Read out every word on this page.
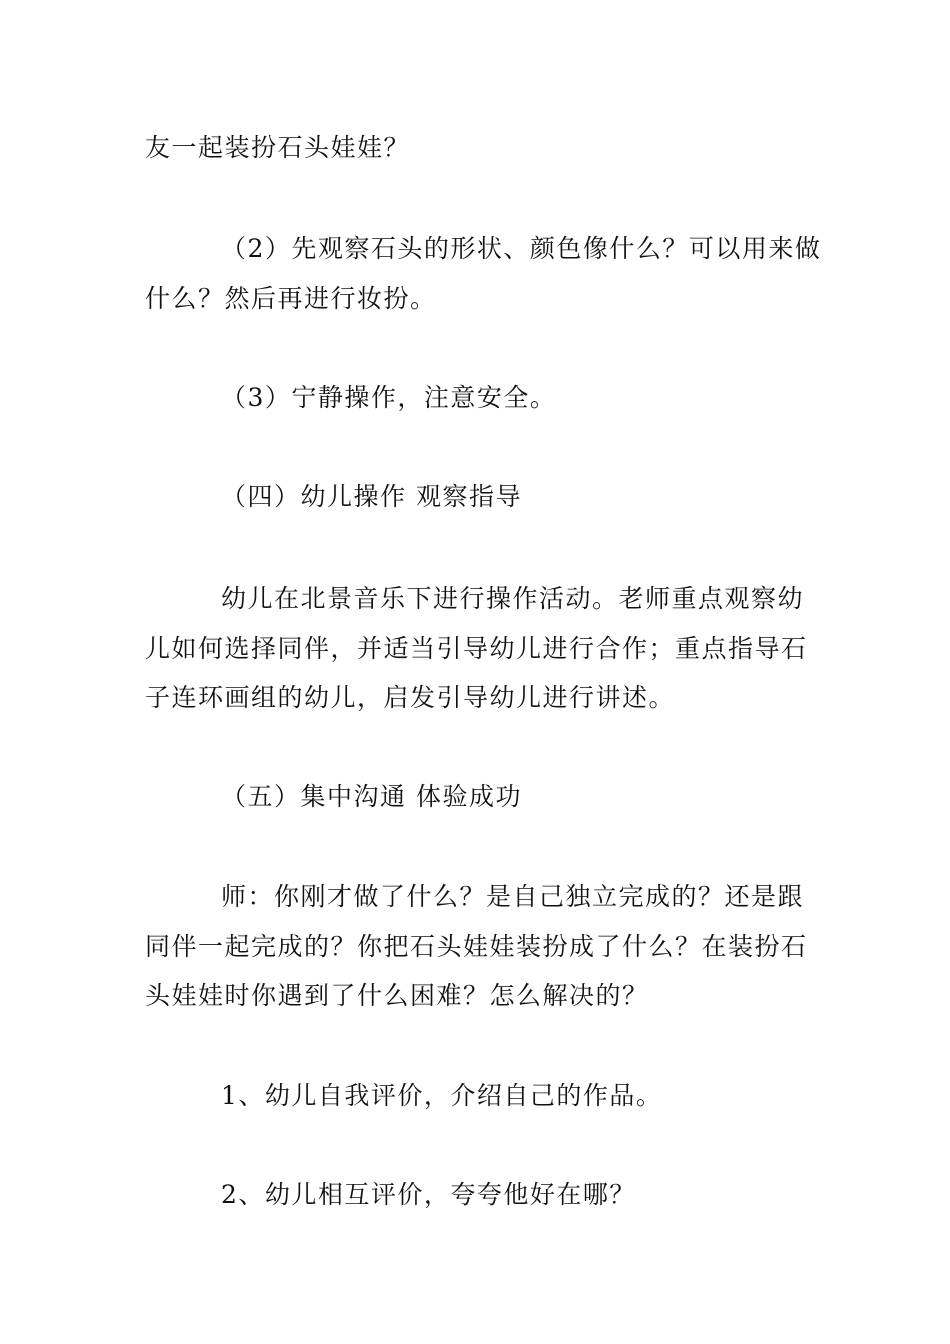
友一起装扮石头娃娃？
（2）先观察石头的形状、颜色像什么？可以用来做
什么？然后再进行妆扮。
（3）宁静操作，注意安全。
（四）幼儿操作 观察指导
幼儿在北景音乐下进行操作活动。老师重点观察幼
儿如何选择同伴，并适当引导幼儿进行合作；重点指导石
子连环画组的幼儿，启发引导幼儿进行讲述。
（五）集中沟通 体验成功
师：你刚才做了什么？是自己独立完成的？还是跟
同伴一起完成的？你把石头娃娃装扮成了什么？在装扮石
头娃娃时你遇到了什么困难？怎么解决的？
1、幼儿自我评价，介绍自己的作品。
2、幼儿相互评价，夸夸他好在哪？
